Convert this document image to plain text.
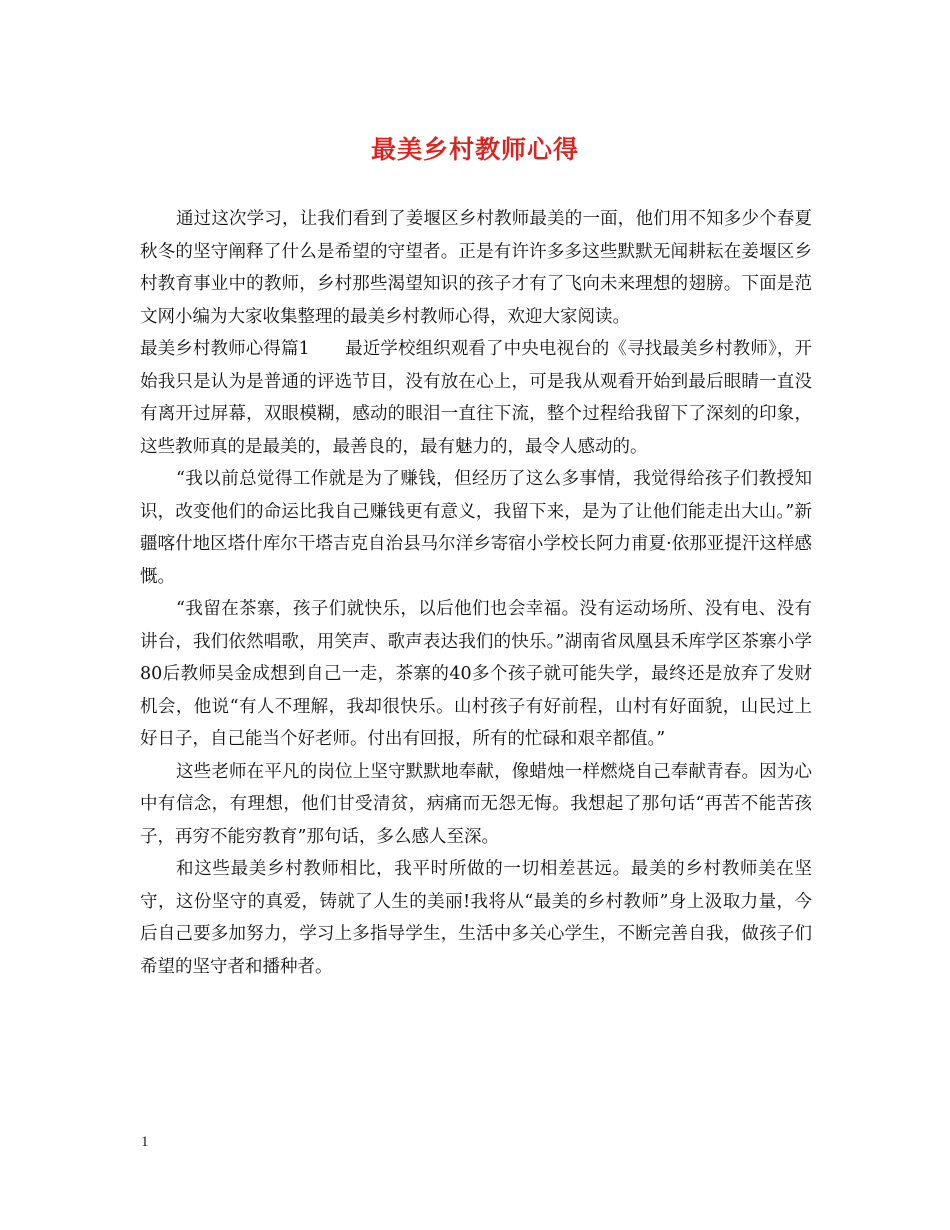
最美乡村教师心得

通过这次学习，让我们看到了姜堰区乡村教师最美的一面，他们用不知多少个春夏秋冬的坚守阐释了什么是希望的守望者。正是有许许多多这些默默无闻耕耘在姜堰区乡村教育事业中的教师，乡村那些渴望知识的孩子才有了飞向未来理想的翅膀。下面是范文网小编为大家收集整理的最美乡村教师心得，欢迎大家阅读。

最美乡村教师心得篇1　　最近学校组织观看了中央电视台的《寻找最美乡村教师》，开始我只是认为是普通的评选节目，没有放在心上，可是我从观看开始到最后眼睛一直没有离开过屏幕，双眼模糊，感动的眼泪一直往下流，整个过程给我留下了深刻的印象，这些教师真的是最美的，最善良的，最有魅力的，最令人感动的。

“我以前总觉得工作就是为了赚钱，但经历了这么多事情，我觉得给孩子们教授知识，改变他们的命运比我自己赚钱更有意义，我留下来，是为了让他们能走出大山。”新疆喀什地区塔什库尔干塔吉克自治县马尔洋乡寄宿小学校长阿力甫夏·依那亚提汗这样感慨。

“我留在茶寨，孩子们就快乐，以后他们也会幸福。没有运动场所、没有电、没有讲台，我们依然唱歌，用笑声、歌声表达我们的快乐。”湖南省凤凰县禾库学区茶寨小学80后教师吴金成想到自己一走，茶寨的40多个孩子就可能失学，最终还是放弃了发财机会，他说“有人不理解，我却很快乐。山村孩子有好前程，山村有好面貌，山民过上好日子，自己能当个好老师。付出有回报，所有的忙碌和艰辛都值。”

这些老师在平凡的岗位上坚守默默地奉献，像蜡烛一样燃烧自己奉献青春。因为心中有信念，有理想，他们甘受清贫，病痛而无怨无悔。我想起了那句话“再苦不能苦孩子，再穷不能穷教育”那句话，多么感人至深。

和这些最美乡村教师相比，我平时所做的一切相差甚远。最美的乡村教师美在坚守，这份坚守的真爱，铸就了人生的美丽!我将从“最美的乡村教师”身上汲取力量，今后自己要多加努力，学习上多指导学生，生活中多关心学生，不断完善自我，做孩子们希望的坚守者和播种者。

1
